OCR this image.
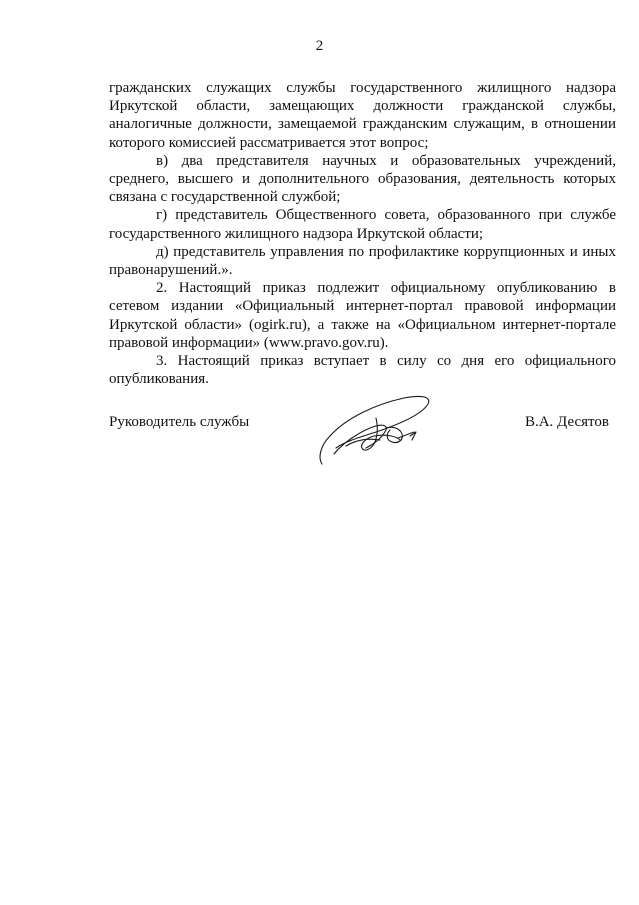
2

гражданских служащих службы государственного жилищного надзора Иркутской области, замещающих должности гражданской службы, аналогичные должности, замещаемой гражданским служащим, в отношении которого комиссией рассматривается этот вопрос;

в) два представителя научных и образовательных учреждений, среднего, высшего и дополнительного образования, деятельность которых связана с государственной службой;

г) представитель Общественного совета, образованного при службе государственного жилищного надзора Иркутской области;

д) представитель управления по профилактике коррупционных и иных правонарушений.».

2. Настоящий приказ подлежит официальному опубликованию в сетевом издании «Официальный интернет-портал правовой информации Иркутской области» (ogirk.ru), а также на «Официальном интернет-портале правовой информации» (www.pravo.gov.ru).

3. Настоящий приказ вступает в силу со дня его официального опубликования.

Руководитель службы	В.А. Десятов
